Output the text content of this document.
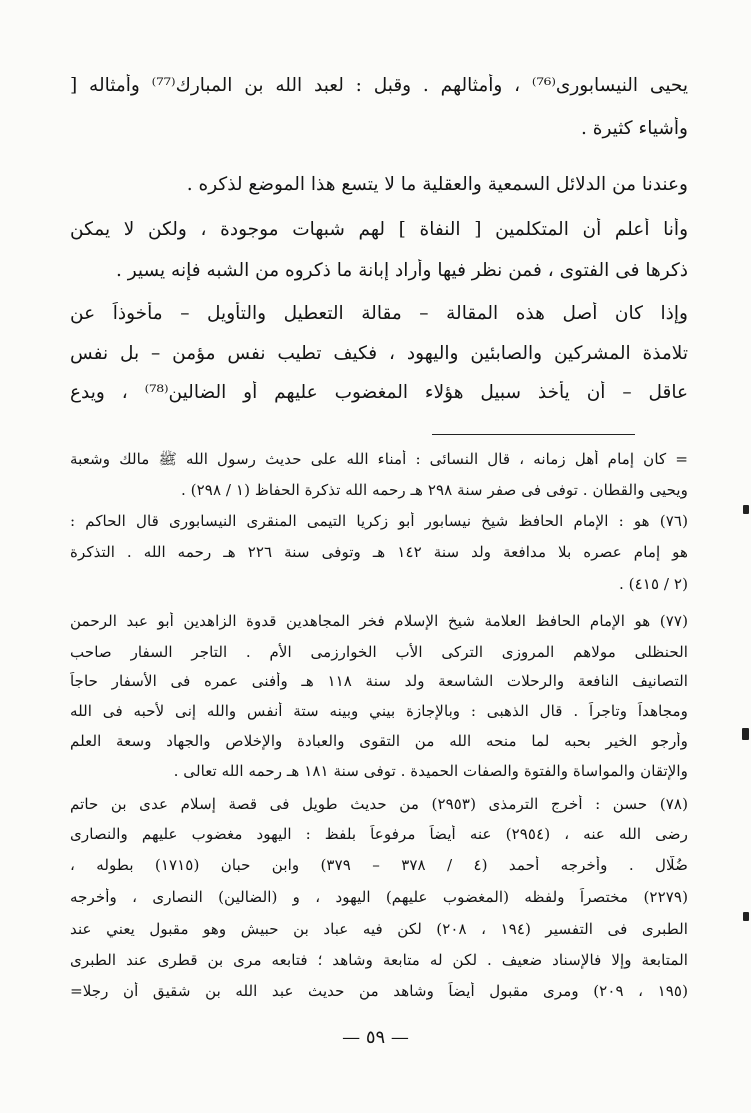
يحيى النيسابورى⁽⁷⁶⁾ ، وأمثالهم . وقبل : لعبد الله بن المبارك⁽⁷⁷⁾ وأمثاله [
وأشياء كثيرة .
وعندنا من الدلائل السمعية والعقلية ما لا يتسع هذا الموضع لذكره .
وأنا أعلم أن المتكلمين [ النفاة ] لهم شبهات موجودة ، ولكن لا يمكن
ذكرها فى الفتوى ، فمن نظر فيها وأراد إبانة ما ذكروه من الشبه فإنه يسير .
وإذا كان أصل هذه المقالة – مقالة التعطيل والتأويل – مأخوذاً عن
تلامذة المشركين والصابئين واليهود ، فكيف تطيب نفس مؤمن – بل نفس
عاقل – أن يأخذ سبيل هؤلاء المغضوب عليهم أو الضالين⁽⁷⁸⁾ ، ويدع
= كان إمام أهل زمانه ، قال النسائى : أمناء الله على حديث رسول الله ﷺ مالك وشعبة
ويحيى والقطان . توفى فى صفر سنة ٢٩٨ هـ رحمه الله تذكرة الحفاظ (١ / ٢٩٨) .
(٧٦) هو : الإمام الحافظ شيخ نيسابور أبو زكريا التيمى المنقرى النيسابورى قال الحاكم :
هو إمام عصره بلا مدافعة ولد سنة ١٤٢ هـ وتوفى سنة ٢٢٦ هـ رحمه الله . التذكرة
(٢ / ٤١٥) .
(٧٧) هو الإمام الحافظ العلامة شيخ الإسلام فخر المجاهدين قدوة الزاهدين أبو عبد الرحمن
الحنظلى مولاهم المروزى التركى الأب الخوارزمى الأم . التاجر السفار صاحب
التصانيف النافعة والرحلات الشاسعة ولد سنة ١١٨ هـ وأفنى عمره فى الأسفار حاجاً
ومجاهداً وتاجراً . قال الذهبى : وبالإجازة بيني وبينه ستة أنفس والله إنى لأحبه فى الله
وأرجو الخير بحبه لما منحه الله من التقوى والعبادة والإخلاص والجهاد وسعة العلم
والإتقان والمواساة والفتوة والصفات الحميدة . توفى سنة ١٨١ هـ رحمه الله تعالى .
(٧٨) حسن : أخرج الترمذى (٢٩٥٣) من حديث طويل فى قصة إسلام عدى بن حاتم
رضى الله عنه ، (٢٩٥٤) عنه أيضاً مرفوعاً بلفظ : اليهود مغضوب عليهم والنصارى
ضُلّال . وأخرجه أحمد (٤ / ٣٧٨ – ٣٧٩) وابن حبان (١٧١٥) بطوله ،
(٢٢٧٩) مختصراً ولفظه (المغضوب عليهم) اليهود ، و (الضالين) النصارى ، وأخرجه
الطبرى فى التفسير (١٩٤ ، ٢٠٨) لكن فيه عباد بن حبيش وهو مقبول يعني عند
المتابعة وإلا فالإسناد ضعيف . لكن له متابعة وشاهد ؛ فتابعه مرى بن قطرى عند الطبرى
(١٩٥ ، ٢٠٩) ومرى مقبول أيضاً وشاهد من حديث عبد الله بن شقيق أن رجلا=
— ٥٩ —
